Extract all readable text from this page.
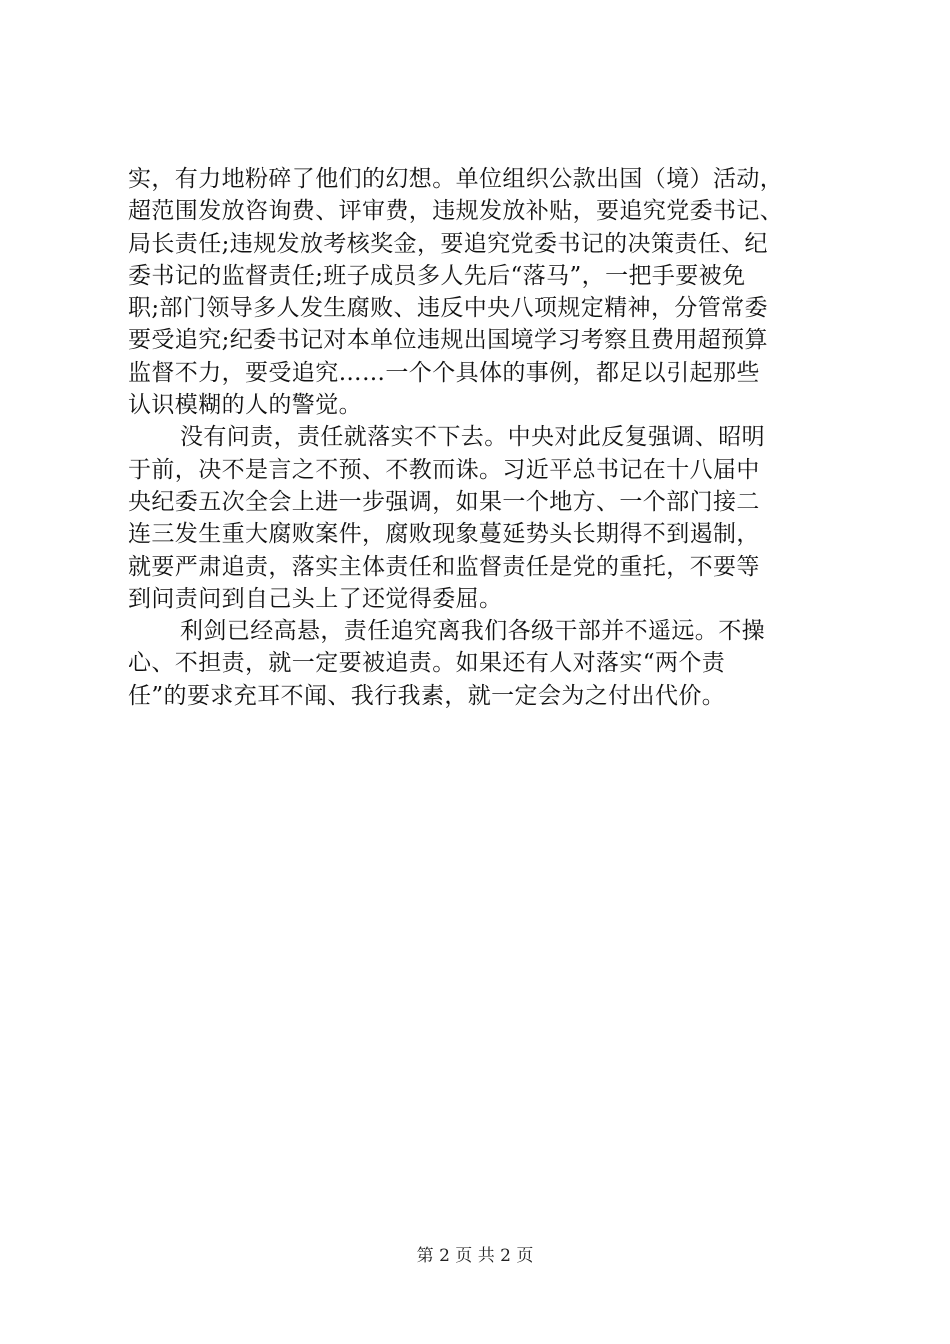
实，有力地粉碎了他们的幻想。单位组织公款出国（境）活动，
超范围发放咨询费、评审费，违规发放补贴，要追究党委书记、
局长责任;违规发放考核奖金，要追究党委书记的决策责任、纪
委书记的监督责任;班子成员多人先后“落马”，一把手要被免
职;部门领导多人发生腐败、违反中央八项规定精神，分管常委
要受追究;纪委书记对本单位违规出国境学习考察且费用超预算
监督不力，要受追究……一个个具体的事例，都足以引起那些
认识模糊的人的警觉。
没有问责，责任就落实不下去。中央对此反复强调、昭明
于前，决不是言之不预、不教而诛。习近平总书记在十八届中
央纪委五次全会上进一步强调，如果一个地方、一个部门接二
连三发生重大腐败案件，腐败现象蔓延势头长期得不到遏制，
就要严肃追责，落实主体责任和监督责任是党的重托，不要等
到问责问到自己头上了还觉得委屈。
利剑已经高悬，责任追究离我们各级干部并不遥远。不操
心、不担责，就一定要被追责。如果还有人对落实“两个责
任”的要求充耳不闻、我行我素，就一定会为之付出代价。
第 2 页 共 2 页
